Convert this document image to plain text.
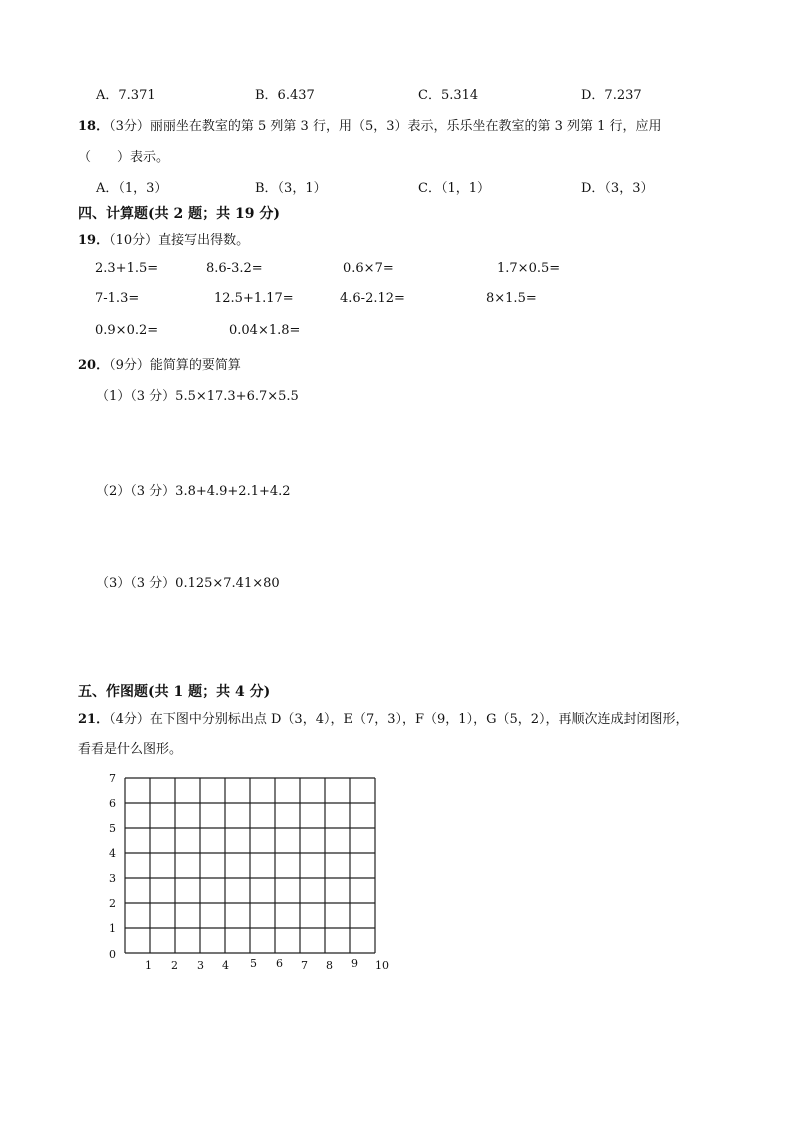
A．7.371	B．6.437	C．5.314	D．7.237
18．（3分）丽丽坐在教室的第 5 列第 3 行，用（5，3）表示，乐乐坐在教室的第 3 列第 1 行，应用
（　　）表示。
A．（1，3）	B．（3，1）	C．（1，1）	D．（3，3）
四、计算题(共 2 题；共 19 分)
19．（10分）直接写出得数。
2.3+1.5=	8.6-3.2=	0.6×7=	1.7×0.5=
7-1.3=	12.5+1.17=	4.6-2.12=	8×1.5=
0.9×0.2=	0.04×1.8=
20．（9分）能简算的要简算
（1）（3 分）5.5×17.3+6.7×5.5
（2）（3 分）3.8+4.9+2.1+4.2
（3）（3 分）0.125×7.41×80
五、作图题(共 1 题；共 4 分)
21．（4分）在下图中分别标出点 D（3，4），E（7，3），F（9，1），G（5，2），再顺次连成封闭图形，
看看是什么图形。
7
6
5
4
3
2
1
0
1 2 3 4 5 6 7 8 9 10
